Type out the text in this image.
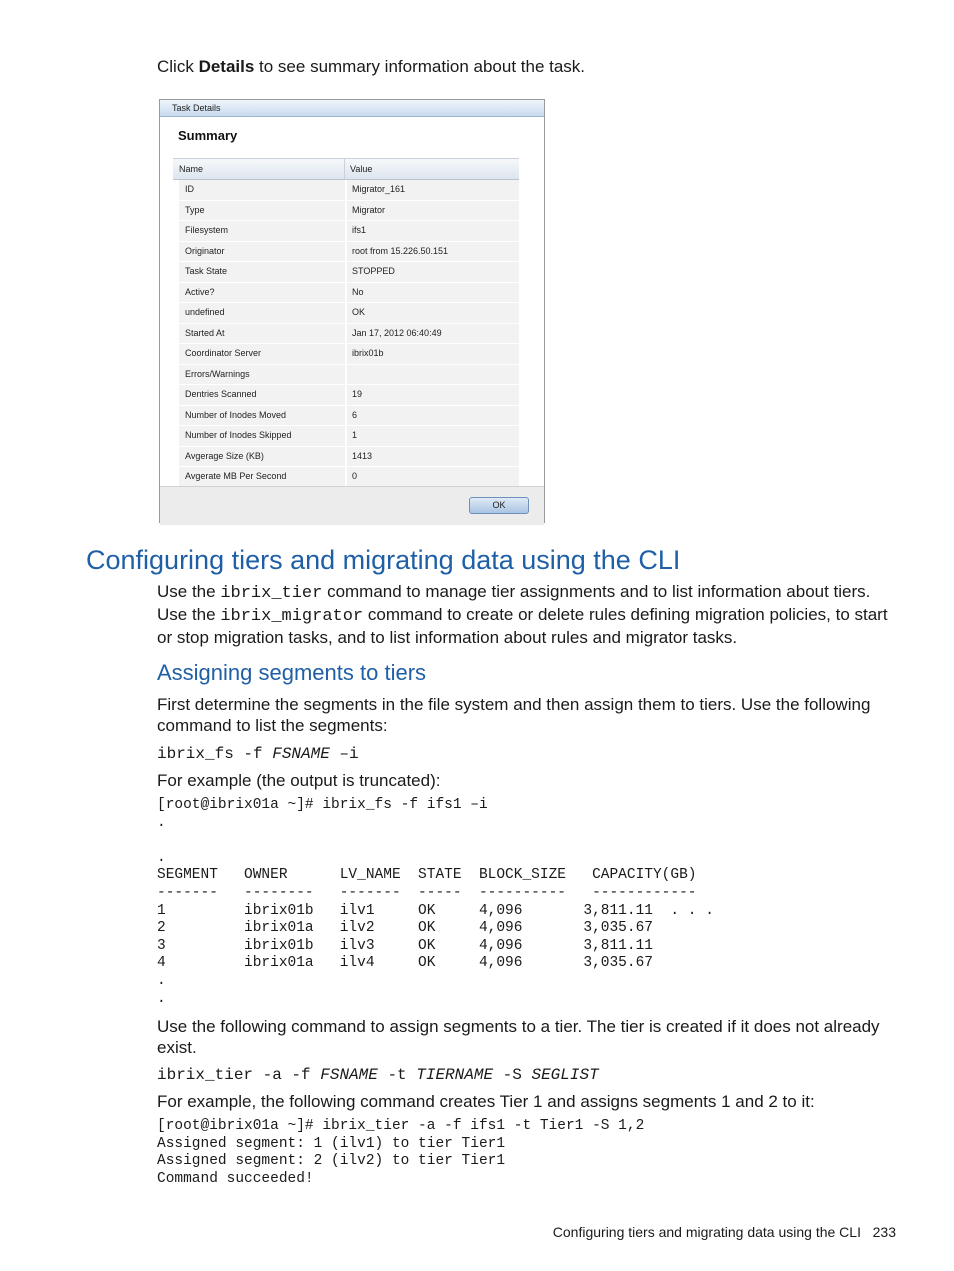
Click Details to see summary information about the task.
Task Details
Summary
Name	Value
ID	Migrator_161
Type	Migrator
Filesystem	ifs1
Originator	root from 15.226.50.151
Task State	STOPPED
Active?	No
undefined	OK
Started At	Jan 17, 2012 06:40:49
Coordinator Server	ibrix01b
Errors/Warnings
Dentries Scanned	19
Number of Inodes Moved	6
Number of Inodes Skipped	1
Avgerage Size (KB)	1413
Avgerate MB Per Second	0
OK
Configuring tiers and migrating data using the CLI
Use the ibrix_tier command to manage tier assignments and to list information about tiers.
Use the ibrix_migrator command to create or delete rules defining migration policies, to start
or stop migration tasks, and to list information about rules and migrator tasks.
Assigning segments to tiers
First determine the segments in the file system and then assign them to tiers. Use the following
command to list the segments:
ibrix_fs -f FSNAME –i
For example (the output is truncated):
[root@ibrix01a ~]# ibrix_fs -f ifs1 –i
.
.
SEGMENT   OWNER      LV_NAME  STATE  BLOCK_SIZE   CAPACITY(GB)
-------   --------   -------  -----  ----------   ------------
1         ibrix01b   ilv1     OK     4,096       3,811.11  . . .
2         ibrix01a   ilv2     OK     4,096       3,035.67
3         ibrix01b   ilv3     OK     4,096       3,811.11
4         ibrix01a   ilv4     OK     4,096       3,035.67
.
.
Use the following command to assign segments to a tier. The tier is created if it does not already
exist.
ibrix_tier -a -f FSNAME -t TIERNAME -S SEGLIST
For example, the following command creates Tier 1 and assigns segments 1 and 2 to it:
[root@ibrix01a ~]# ibrix_tier -a -f ifs1 -t Tier1 -S 1,2
Assigned segment: 1 (ilv1) to tier Tier1
Assigned segment: 2 (ilv2) to tier Tier1
Command succeeded!
Configuring tiers and migrating data using the CLI 233
